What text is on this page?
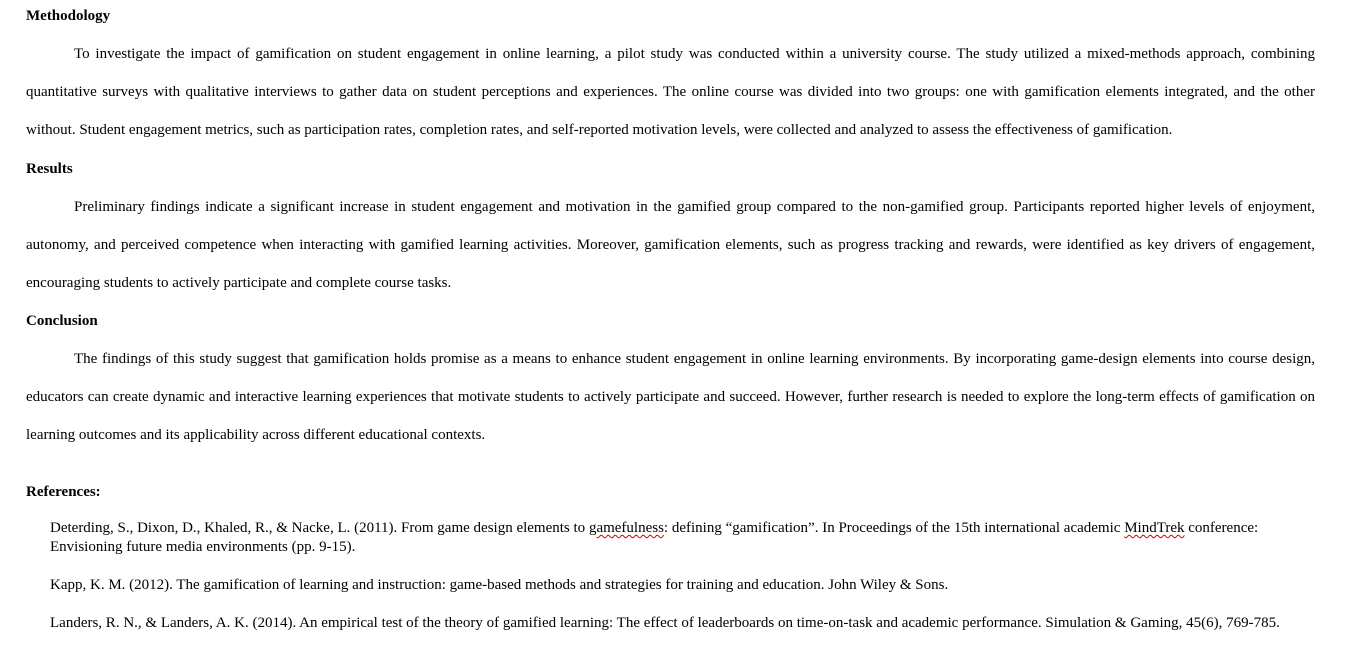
Methodology

To investigate the impact of gamification on student engagement in online learning, a pilot study was conducted within a university course. The study utilized a mixed-methods approach, combining quantitative surveys with qualitative interviews to gather data on student perceptions and experiences. The online course was divided into two groups: one with gamification elements integrated, and the other without. Student engagement metrics, such as participation rates, completion rates, and self-reported motivation levels, were collected and analyzed to assess the effectiveness of gamification.

Results

Preliminary findings indicate a significant increase in student engagement and motivation in the gamified group compared to the non-gamified group. Participants reported higher levels of enjoyment, autonomy, and perceived competence when interacting with gamified learning activities. Moreover, gamification elements, such as progress tracking and rewards, were identified as key drivers of engagement, encouraging students to actively participate and complete course tasks.

Conclusion

The findings of this study suggest that gamification holds promise as a means to enhance student engagement in online learning environments. By incorporating game-design elements into course design, educators can create dynamic and interactive learning experiences that motivate students to actively participate and succeed. However, further research is needed to explore the long-term effects of gamification on learning outcomes and its applicability across different educational contexts.

References:

Deterding, S., Dixon, D., Khaled, R., & Nacke, L. (2011). From game design elements to gamefulness: defining “gamification”. In Proceedings of the 15th international academic MindTrek conference: Envisioning future media environments (pp. 9-15).

Kapp, K. M. (2012). The gamification of learning and instruction: game-based methods and strategies for training and education. John Wiley & Sons.

Landers, R. N., & Landers, A. K. (2014). An empirical test of the theory of gamified learning: The effect of leaderboards on time-on-task and academic performance. Simulation & Gaming, 45(6), 769-785.
